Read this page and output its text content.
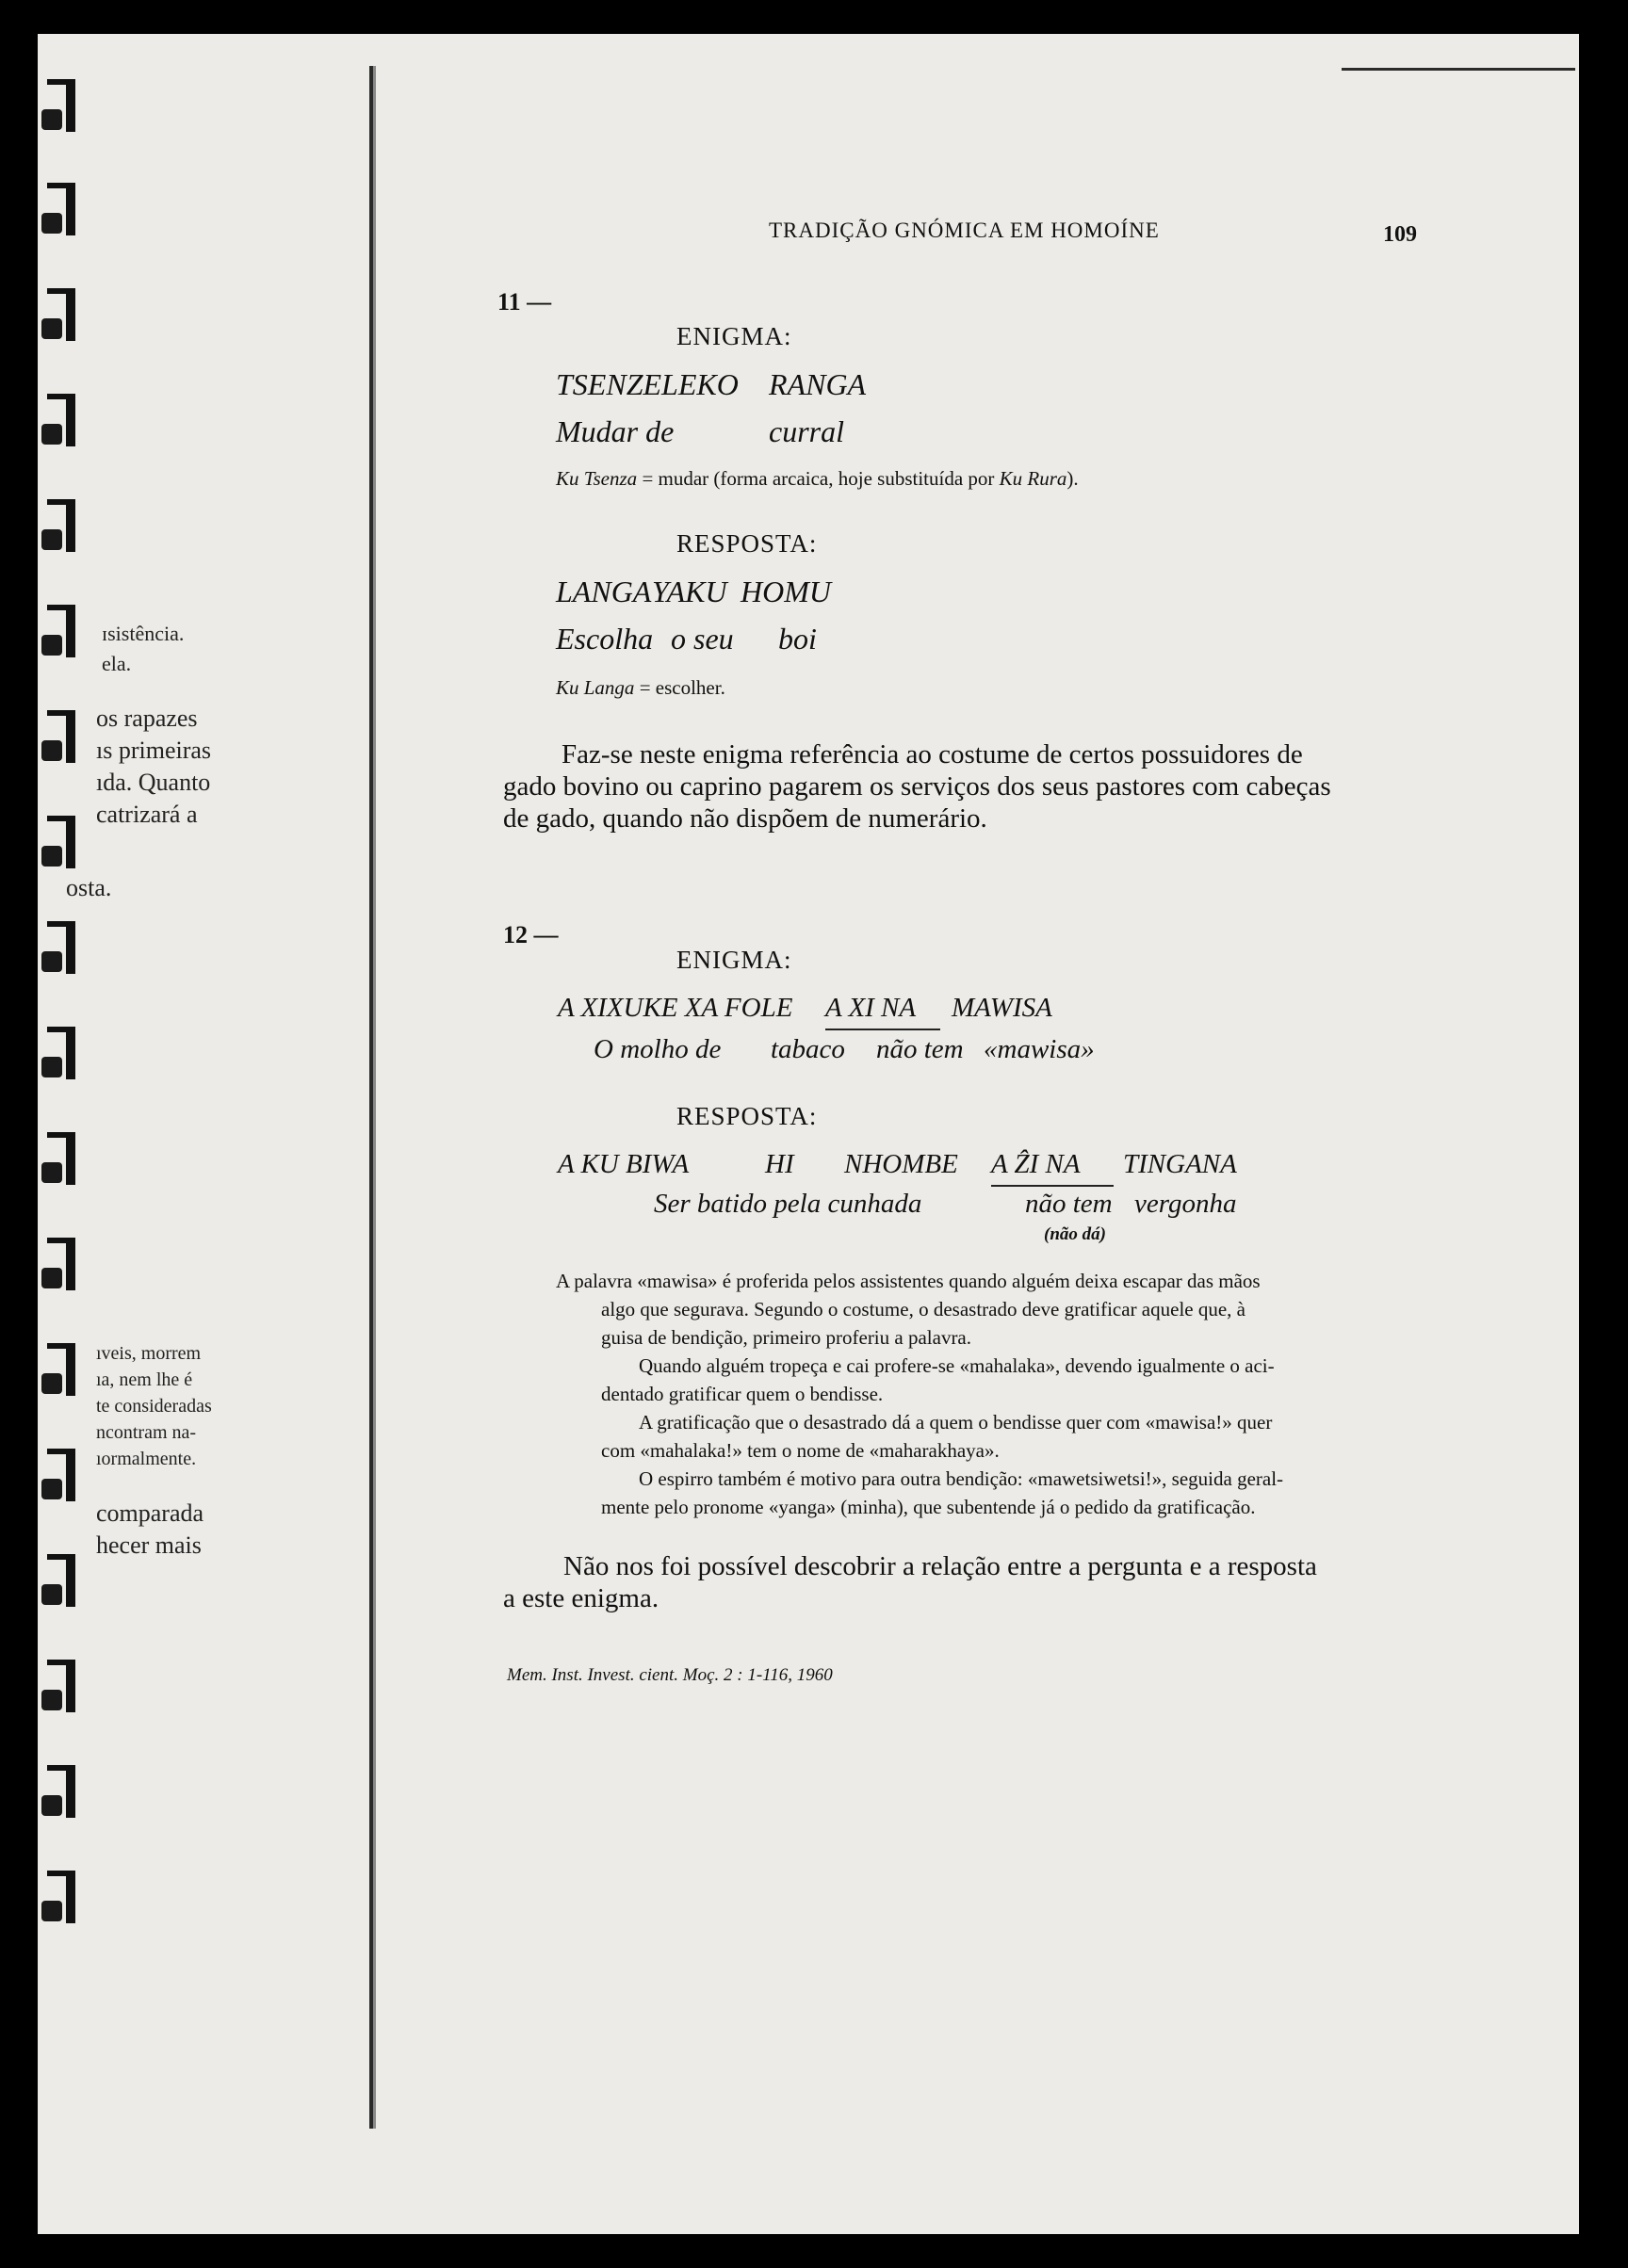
ɪsistência.
ela.
os rapazes
ıs primeiras
ıda. Quanto
catrizará a
osta.
ıveis, morrem
ıa, nem lhe é
te consideradas
ncontram na-
ıormalmente.
comparada
hecer mais
TRADIÇÃO GNÓMICA EM HOMOÍNE	109
11 —
ENIGMA:
TSENZELEKO RANGA
Mudar de	curral
Ku Tsenza = mudar (forma arcaica, hoje substituída por Ku Rura).
RESPOSTA:
LANGA YAKU HOMU
Escolha o seu boi
Ku Langa = escolher.
Faz-se neste enigma referência ao costume de certos possuidores de
gado bovino ou caprino pagarem os serviços dos seus pastores com cabeças
de gado, quando não dispõem de numerário.
12 —
ENIGMA:
A XIXUKE XA FOLE A XI NA MAWISA
O molho de tabaco não tem «mawisa»
RESPOSTA:
A KU BIWA	HI NHOMBE A ẐI NA TINGANA
Ser batido pela cunhada	não tem vergonha
(não dá)
A palavra «mawisa» é proferida pelos assistentes quando alguém deixa escapar das mãos
algo que segurava. Segundo o costume, o desastrado deve gratificar aquele que, à
guisa de bendição, primeiro proferiu a palavra.
Quando alguém tropeça e cai profere-se «mahalaka», devendo igualmente o aci-
dentado gratificar quem o bendisse.
A gratificação que o desastrado dá a quem o bendisse quer com «mawisa!» quer
com «mahalaka!» tem o nome de «maharakhaya».
O espirro também é motivo para outra bendição: «mawetsiwetsi!», seguida geral-
mente pelo pronome «yanga» (minha), que subentende já o pedido da gratificação.
Não nos foi possível descobrir a relação entre a pergunta e a resposta
a este enigma.
Mem. Inst. Invest. cient. Moç. 2 : 1-116, 1960
